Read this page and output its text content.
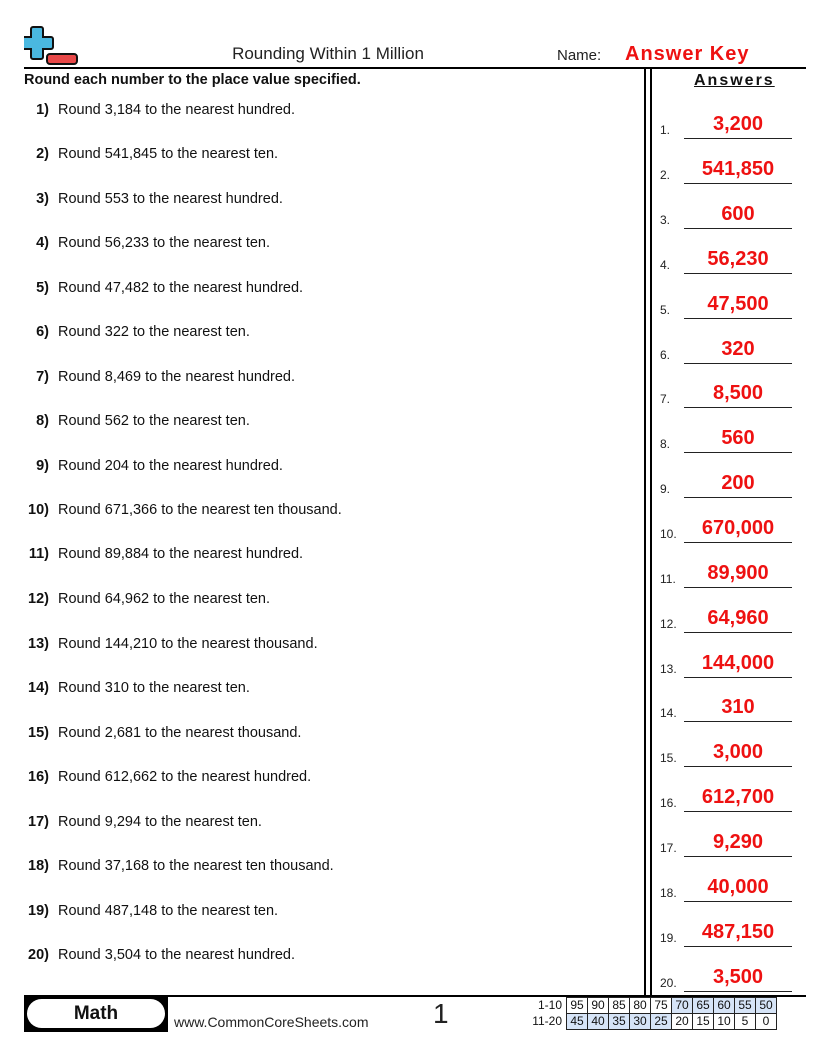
Rounding Within 1 Million	Name: Answer Key
Round each number to the place value specified.	Answers
1) Round 3,184 to the nearest hundred.
2) Round 541,845 to the nearest ten.
3) Round 553 to the nearest hundred.
4) Round 56,233 to the nearest ten.
5) Round 47,482 to the nearest hundred.
6) Round 322 to the nearest ten.
7) Round 8,469 to the nearest hundred.
8) Round 562 to the nearest ten.
9) Round 204 to the nearest hundred.
10) Round 671,366 to the nearest ten thousand.
11) Round 89,884 to the nearest hundred.
12) Round 64,962 to the nearest ten.
13) Round 144,210 to the nearest thousand.
14) Round 310 to the nearest ten.
15) Round 2,681 to the nearest thousand.
16) Round 612,662 to the nearest hundred.
17) Round 9,294 to the nearest ten.
18) Round 37,168 to the nearest ten thousand.
19) Round 487,148 to the nearest ten.
20) Round 3,504 to the nearest hundred.
1.	3,200
2.	541,850
3.	600
4.	56,230
5.	47,500
6.	320
7.	8,500
8.	560
9.	200
10.	670,000
11.	89,900
12.	64,960
13.	144,000
14.	310
15.	3,000
16.	612,700
17.	9,290
18.	40,000
19.	487,150
20.	3,500
Math	www.CommonCoreSheets.com 1	1-10	95	90	85	80	75	70	65	60	55	50
11-20	45	40	35	30	25	20	15	10	5	0
